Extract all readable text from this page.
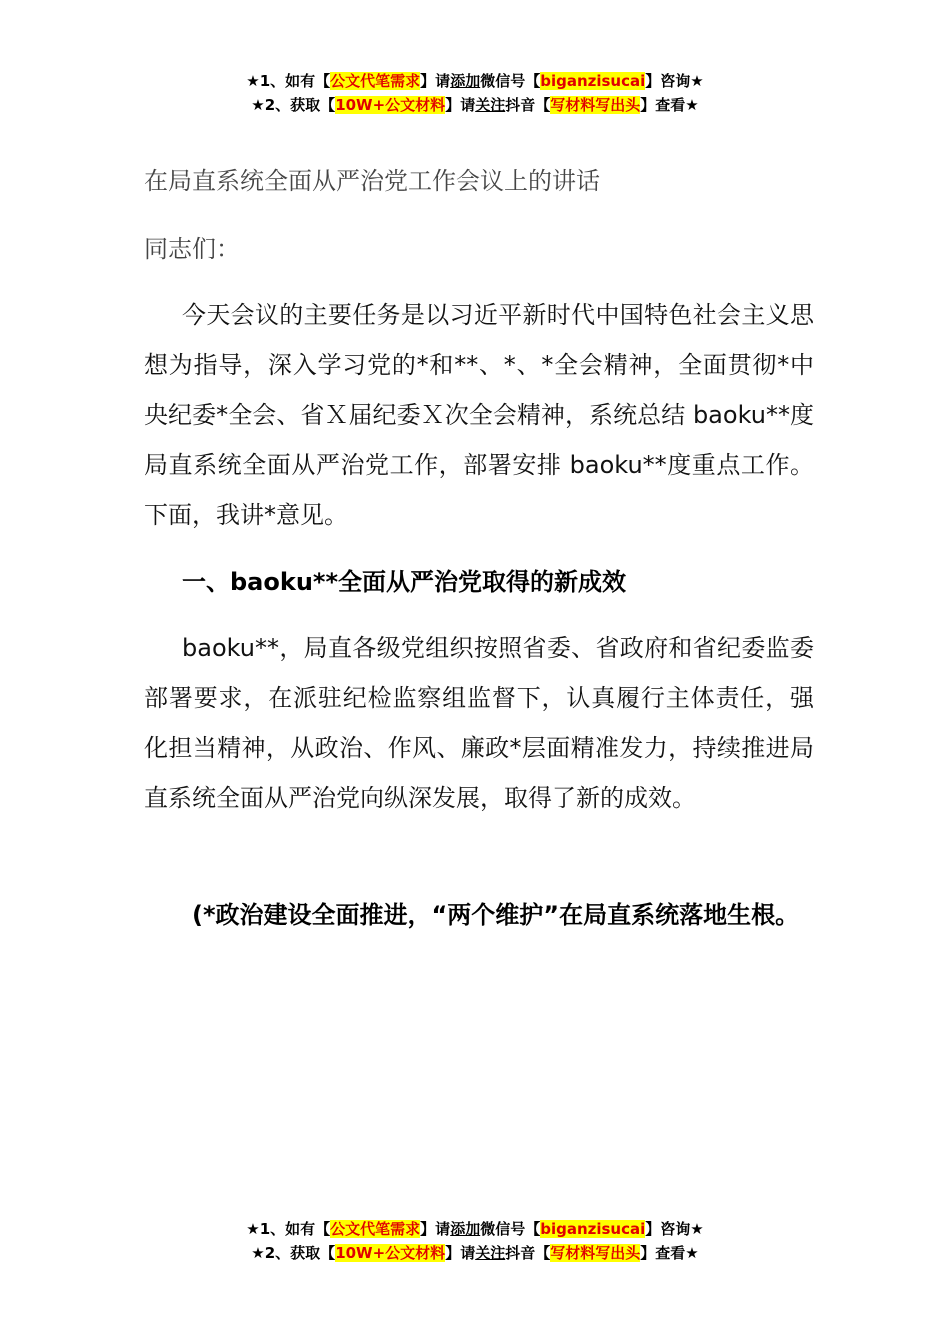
★1、如有【公文代笔需求】请添加微信号【biganzisucai】咨询★
★2、获取【10W+公文材料】请关注抖音【写材料写出头】查看★
在局直系统全面从严治党工作会议上的讲话
同志们：

今天会议的主要任务是以习近平新时代中国特色社会主义思想为指导，深入学习党的*和**、*、*全会精神，全面贯彻*中央纪委*全会、省Ｘ届纪委Ｘ次全会精神，系统总结 baoku**度局直系统全面从严治党工作，部署安排 baoku**度重点工作。下面，我讲*意见。

一、baoku**全面从严治党取得的新成效

baoku**，局直各级党组织按照省委、省政府和省纪委监委部署要求，在派驻纪检监察组监督下，认真履行主体责任，强化担当精神，从政治、作风、廉政*层面精准发力，持续推进局直系统全面从严治党向纵深发展，取得了新的成效。

(*政治建设全面推进，“两个维护”在局直系统落地生根。

★1、如有【公文代笔需求】请添加微信号【biganzisucai】咨询★
★2、获取【10W+公文材料】请关注抖音【写材料写出头】查看★
